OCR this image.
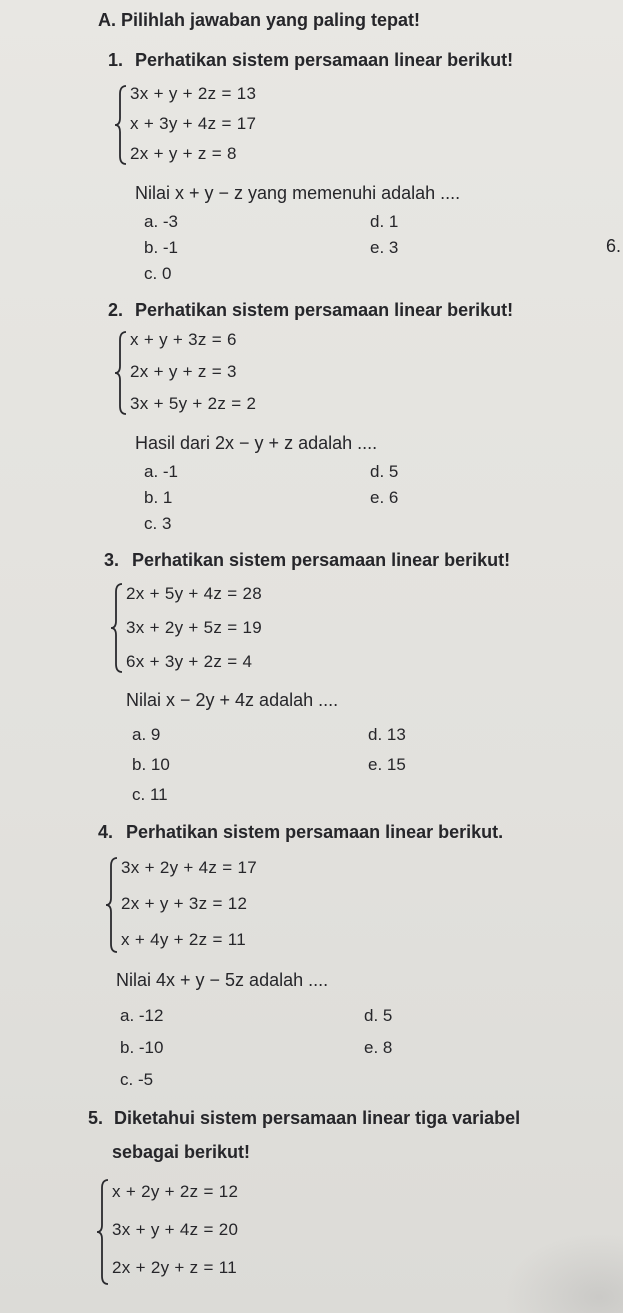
A. Pilihlah jawaban yang paling tepat!
1. Perhatikan sistem persamaan linear berikut!
3x + y + 2z = 13
x + 3y + 4z = 17
2x + y + z = 8
Nilai x + y − z yang memenuhi adalah ....
a. -3	d. 1
b. -1	e. 3
c. 0
6.
2. Perhatikan sistem persamaan linear berikut!
x + y + 3z = 6
2x + y + z = 3
3x + 5y + 2z = 2
Hasil dari 2x − y + z adalah ....
a. -1	d. 5
b. 1	e. 6
c. 3
3. Perhatikan sistem persamaan linear berikut!
2x + 5y + 4z = 28
3x + 2y + 5z = 19
6x + 3y + 2z = 4
Nilai x − 2y + 4z adalah ....
a. 9	d. 13
b. 10	e. 15
c. 11
4. Perhatikan sistem persamaan linear berikut.
3x + 2y + 4z = 17
2x + y + 3z = 12
x + 4y + 2z = 11
Nilai 4x + y − 5z adalah ....
a. -12	d. 5
b. -10	e. 8
c. -5
5. Diketahui sistem persamaan linear tiga variabel
sebagai berikut!
x + 2y + 2z = 12
3x + y + 4z = 20
2x + 2y + z = 11
